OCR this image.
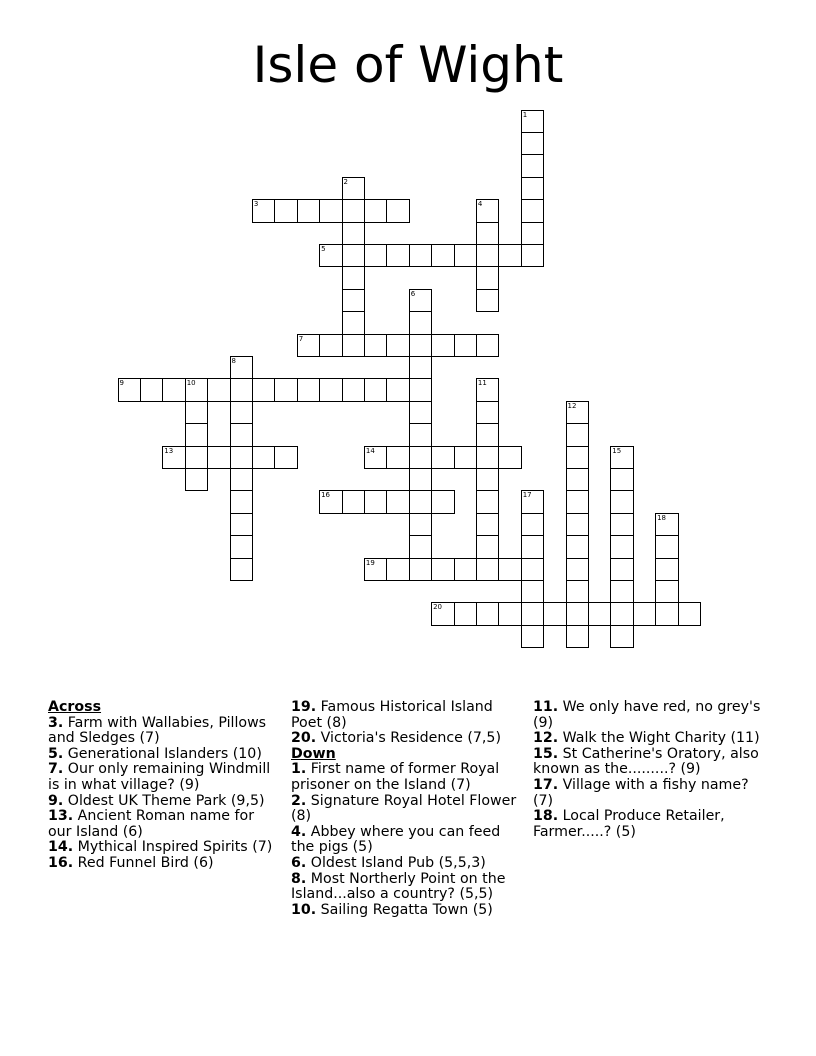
Isle of Wight
1
2
3	4
5
6
7
8
9	10	11
12
13	14	15
16	17
18
19
20
Across

3. Farm with Wallabies, Pillows and Sledges (7)

5. Generational Islanders (10)

7. Our only remaining Windmill is in what village? (9)

9. Oldest UK Theme Park (9,5)

13. Ancient Roman name for our Island (6)

14. Mythical Inspired Spirits (7)

16. Red Funnel Bird (6)

19. Famous Historical Island Poet (8)

20. Victoria's Residence (7,5)

Down

1. First name of former Royal prisoner on the Island (7)

2. Signature Royal Hotel Flower (8)

4. Abbey where you can feed the pigs (5)

6. Oldest Island Pub (5,5,3)

8. Most Northerly Point on the Island...also a country? (5,5)

10. Sailing Regatta Town (5)

11. We only have red, no grey's (9)

12. Walk the Wight Charity (11)

15. St Catherine's Oratory, also known as the.........? (9)

17. Village with a fishy name? (7)

18. Local Produce Retailer, Farmer.....? (5)
